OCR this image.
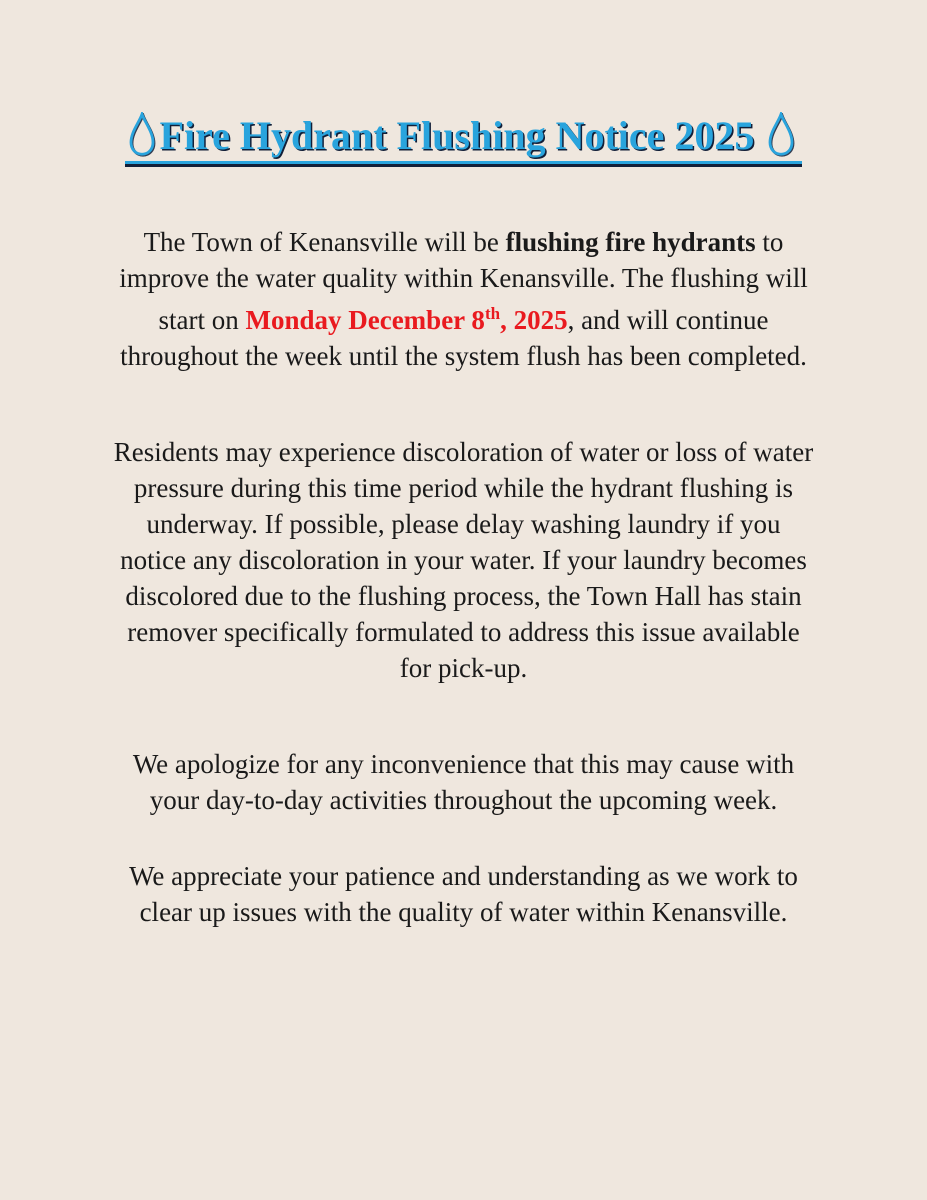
Fire Hydrant Flushing Notice 2025
The Town of Kenansville will be flushing fire hydrants to
improve the water quality within Kenansville. The flushing will
start on Monday December 8th, 2025, and will continue
throughout the week until the system flush has been completed.
Residents may experience discoloration of water or loss of water
pressure during this time period while the hydrant flushing is
underway. If possible, please delay washing laundry if you
notice any discoloration in your water. If your laundry becomes
discolored due to the flushing process, the Town Hall has stain
remover specifically formulated to address this issue available
for pick-up.
We apologize for any inconvenience that this may cause with
your day-to-day activities throughout the upcoming week.
We appreciate your patience and understanding as we work to
clear up issues with the quality of water within Kenansville.
